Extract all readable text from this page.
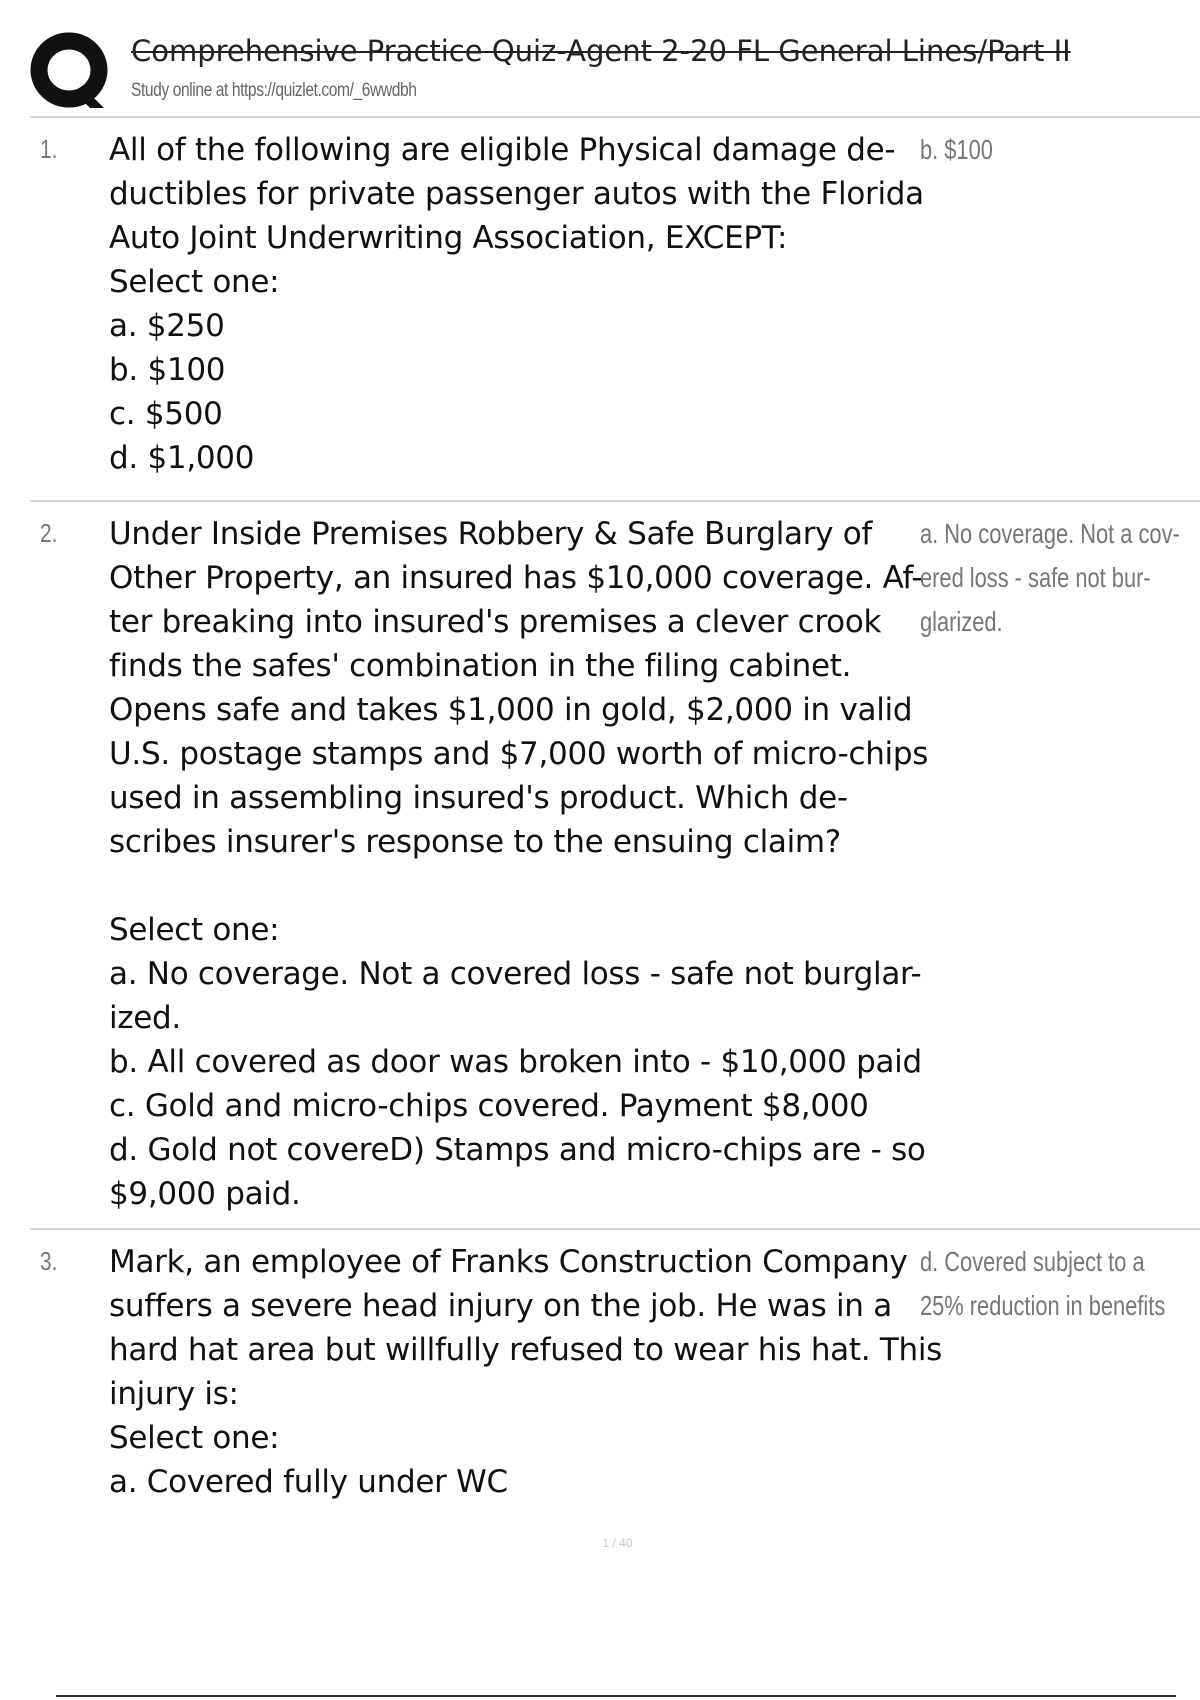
Comprehensive Practice Quiz-Agent 2-20 FL General Lines/Part II
Study online at https://quizlet.com/_6wwdbh
1. All of the following are eligible Physical damage de-
ductibles for private passenger autos with the Florida
Auto Joint Underwriting Association, EXCEPT:
Select one:
a. $250
b. $100
c. $500
d. $1,000
b. $100
2. Under Inside Premises Robbery & Safe Burglary of
Other Property, an insured has $10,000 coverage. Af-
ter breaking into insured's premises a clever crook
finds the safes' combination in the filing cabinet.
Opens safe and takes $1,000 in gold, $2,000 in valid
U.S. postage stamps and $7,000 worth of micro-chips
used in assembling insured's product. Which de-
scribes insurer's response to the ensuing claim?
Select one:
a. No coverage. Not a covered loss - safe not burglar-
ized.
b. All covered as door was broken into - $10,000 paid
c. Gold and micro-chips covered. Payment $8,000
d. Gold not covereD) Stamps and micro-chips are - so
$9,000 paid.
a. No coverage. Not a cov-
ered loss - safe not bur-
glarized.
3. Mark, an employee of Franks Construction Company
suffers a severe head injury on the job. He was in a
hard hat area but willfully refused to wear his hat. This
injury is:
Select one:
a. Covered fully under WC
d. Covered subject to a
25% reduction in benefits
1 / 40
